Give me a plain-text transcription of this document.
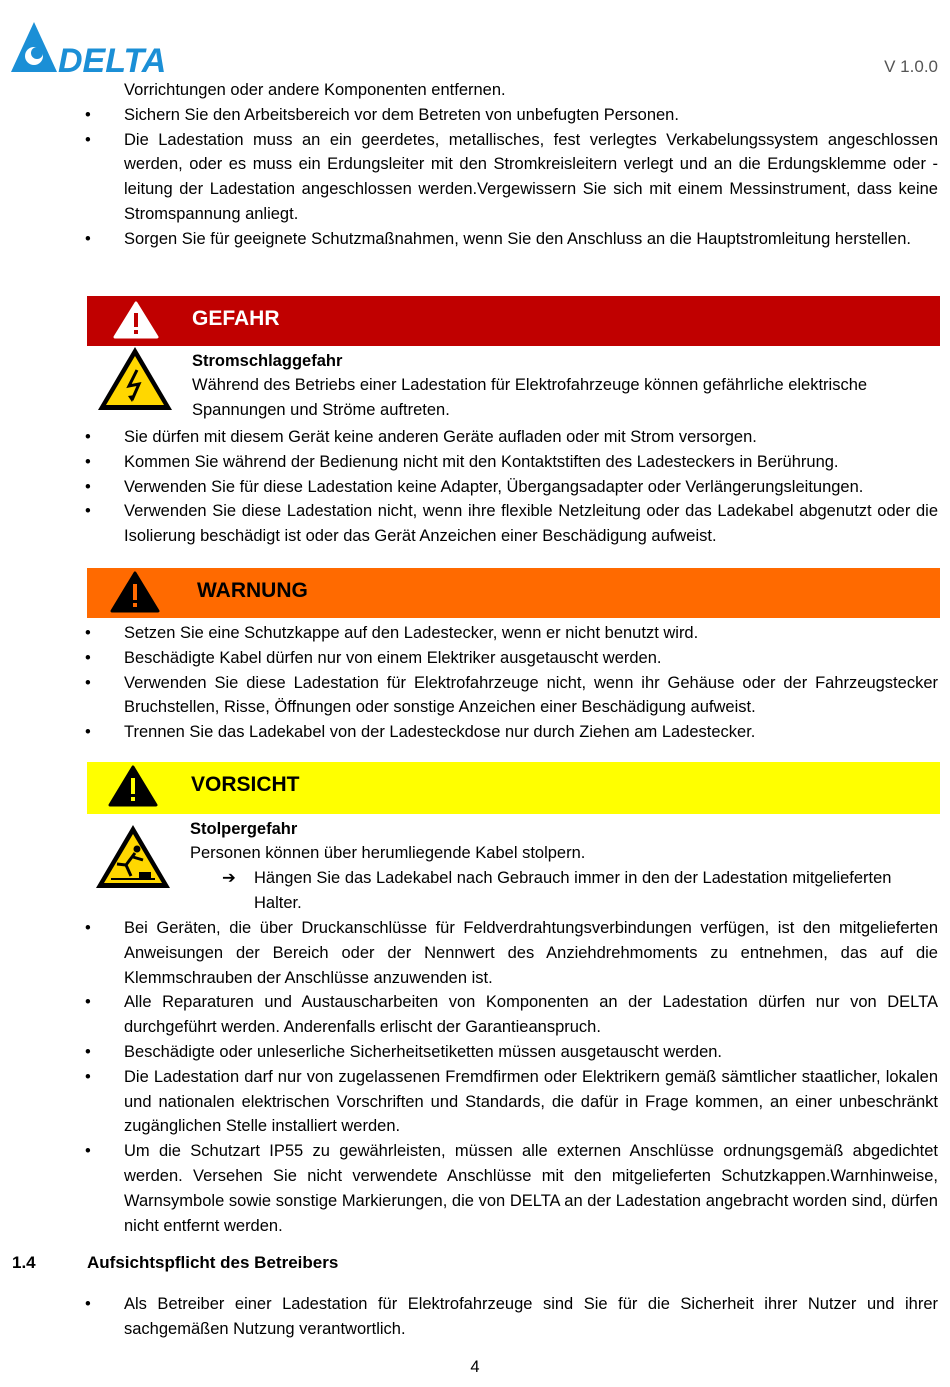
DELTA	V 1.0.0
Vorrichtungen oder andere Komponenten entfernen.
• Sichern Sie den Arbeitsbereich vor dem Betreten von unbefugten Personen.
• Die Ladestation muss an ein geerdetes, metallisches, fest verlegtes Verkabelungssystem angeschlossen werden, oder es muss ein Erdungsleiter mit den Stromkreisleitern verlegt und an die Erdungsklemme oder -leitung der Ladestation angeschlossen werden.Vergewissern Sie sich mit einem Messinstrument, dass keine Stromspannung anliegt.
• Sorgen Sie für geeignete Schutzmaßnahmen, wenn Sie den Anschluss an die Hauptstromleitung herstellen.
GEFAHR
Stromschlaggefahr
Während des Betriebs einer Ladestation für Elektrofahrzeuge können gefährliche elektrische Spannungen und Ströme auftreten.
• Sie dürfen mit diesem Gerät keine anderen Geräte aufladen oder mit Strom versorgen.
• Kommen Sie während der Bedienung nicht mit den Kontaktstiften des Ladesteckers in Berührung.
• Verwenden Sie für diese Ladestation keine Adapter, Übergangsadapter oder Verlängerungsleitungen.
• Verwenden Sie diese Ladestation nicht, wenn ihre flexible Netzleitung oder das Ladekabel abgenutzt oder die Isolierung beschädigt ist oder das Gerät Anzeichen einer Beschädigung aufweist.
WARNUNG
• Setzen Sie eine Schutzkappe auf den Ladestecker, wenn er nicht benutzt wird.
• Beschädigte Kabel dürfen nur von einem Elektriker ausgetauscht werden.
• Verwenden Sie diese Ladestation für Elektrofahrzeuge nicht, wenn ihr Gehäuse oder der Fahrzeugstecker Bruchstellen, Risse, Öffnungen oder sonstige Anzeichen einer Beschädigung aufweist.
• Trennen Sie das Ladekabel von der Ladesteckdose nur durch Ziehen am Ladestecker.
VORSICHT
Stolpergefahr
Personen können über herumliegende Kabel stolpern.
➔	Hängen Sie das Ladekabel nach Gebrauch immer in den der Ladestation mitgelieferten Halter.
• Bei Geräten, die über Druckanschlüsse für Feldverdrahtungsverbindungen verfügen, ist den mitgelieferten Anweisungen der Bereich oder der Nennwert des Anziehdrehmoments zu entnehmen, das auf die Klemmschrauben der Anschlüsse anzuwenden ist.
• Alle Reparaturen und Austauscharbeiten von Komponenten an der Ladestation dürfen nur von DELTA durchgeführt werden. Anderenfalls erlischt der Garantieanspruch.
• Beschädigte oder unleserliche Sicherheitsetiketten müssen ausgetauscht werden.
• Die Ladestation darf nur von zugelassenen Fremdfirmen oder Elektrikern gemäß sämtlicher staatlicher, lokalen und nationalen elektrischen Vorschriften und Standards, die dafür in Frage kommen, an einer unbeschränkt zugänglichen Stelle installiert werden.
• Um die Schutzart IP55 zu gewährleisten, müssen alle externen Anschlüsse ordnungsgemäß abgedichtet werden. Versehen Sie nicht verwendete Anschlüsse mit den mitgelieferten Schutzkappen.Warnhinweise, Warnsymbole sowie sonstige Markierungen, die von DELTA an der Ladestation angebracht worden sind, dürfen nicht entfernt werden.
1.4	Aufsichtspflicht des Betreibers
• Als Betreiber einer Ladestation für Elektrofahrzeuge sind Sie für die Sicherheit ihrer Nutzer und ihrer sachgemäßen Nutzung verantwortlich.
4
